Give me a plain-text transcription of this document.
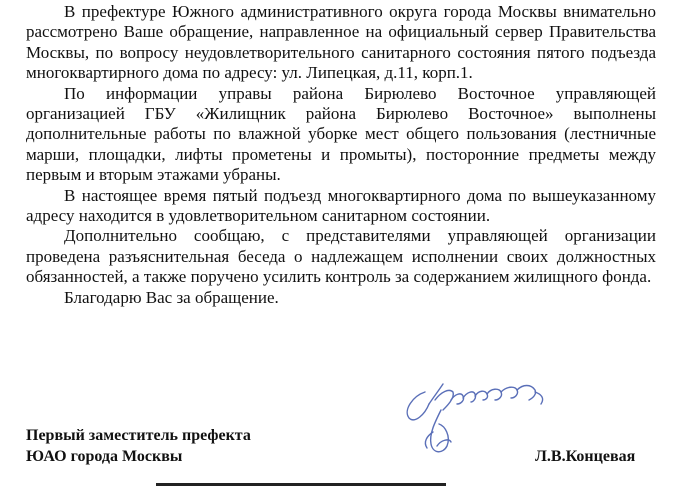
В префектуре Южного административного округа города Москвы внимательно рассмотрено Ваше обращение, направленное на официальный сервер Правительства Москвы, по вопросу неудовлетворительного санитарного состояния пятого подъезда многоквартирного дома по адресу: ул. Липецкая, д.11, корп.1.

По информации управы района Бирюлево Восточное управляющей организацией ГБУ «Жилищник района Бирюлево Восточное» выполнены дополнительные работы по влажной уборке мест общего пользования (лестничные марши, площадки, лифты прометены и промыты), посторонние предметы между первым и вторым этажами убраны.

В настоящее время пятый подъезд многоквартирного дома по вышеуказанному адресу находится в удовлетворительном санитарном состоянии.

Дополнительно сообщаю, с представителями управляющей организации проведена разъяснительная беседа о надлежащем исполнении своих должностных обязанностей, а также поручено усилить контроль за содержанием жилищного фонда.

Благодарю Вас за обращение.

Первый заместитель префекта
ЮАО города Москвы	Л.В.Концевая
